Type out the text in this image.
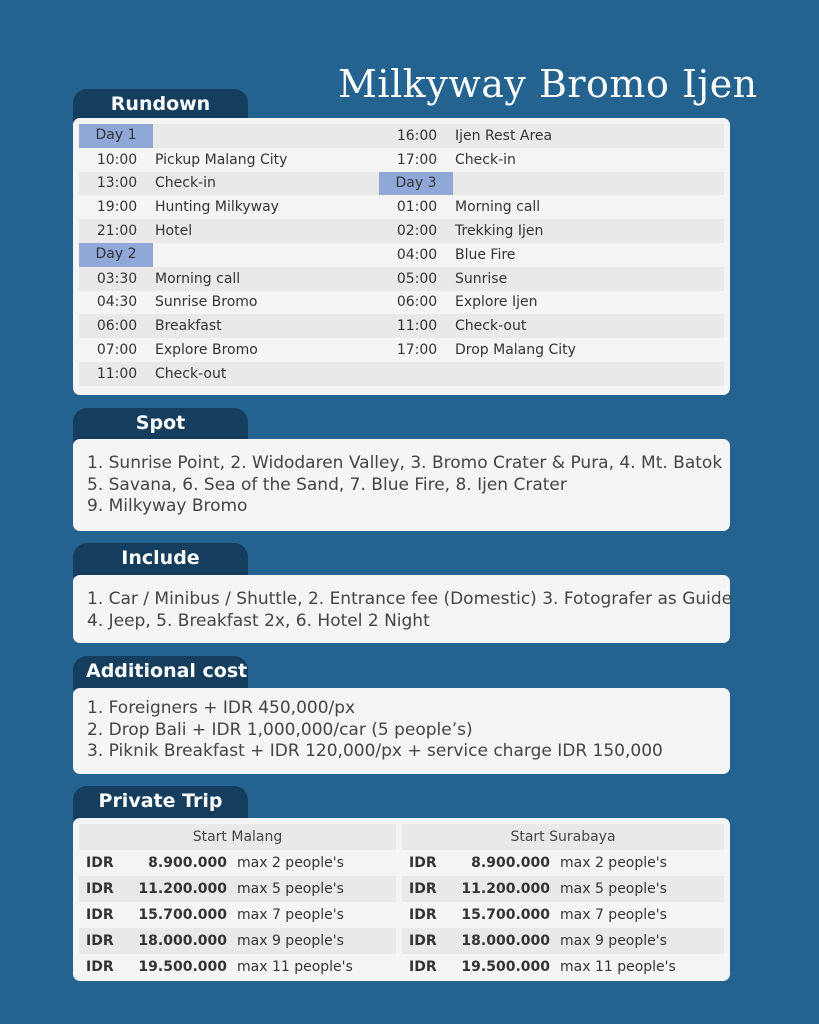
Milkyway Bromo Ijen
Rundown
Day 1
10:00	Pickup Malang City
13:00	Check-in
19:00	Hunting Milkyway
21:00	Hotel
Day 2
03:30	Morning call
04:30	Sunrise Bromo
06:00	Breakfast
07:00	Explore Bromo
11:00	Check-out
16:00	Ijen Rest Area
17:00	Check-in
Day 3
01:00	Morning call
02:00	Trekking Ijen
04:00	Blue Fire
05:00	Sunrise
06:00	Explore Ijen
11:00	Check-out
17:00	Drop Malang City
Spot
1. Sunrise Point, 2. Widodaren Valley, 3. Bromo Crater & Pura, 4. Mt. Batok
5. Savana, 6. Sea of the Sand, 7. Blue Fire, 8. Ijen Crater
9. Milkyway Bromo
Include
1. Car / Minibus / Shuttle, 2. Entrance fee (Domestic) 3. Fotografer as Guide
4. Jeep, 5. Breakfast 2x, 6. Hotel 2 Night
Additional cost
1. Foreigners + IDR 450,000/px
2. Drop Bali + IDR 1,000,000/car (5 people’s)
3. Piknik Breakfast + IDR 120,000/px + service charge IDR 150,000
Private Trip
Start Malang
IDR	8.900.000 max 2 people's
IDR	11.200.000 max 5 people's
IDR	15.700.000 max 7 people's
IDR	18.000.000 max 9 people's
IDR	19.500.000 max 11 people's
Start Surabaya
IDR	8.900.000 max 2 people's
IDR	11.200.000 max 5 people's
IDR	15.700.000 max 7 people's
IDR	18.000.000 max 9 people's
IDR	19.500.000 max 11 people's
